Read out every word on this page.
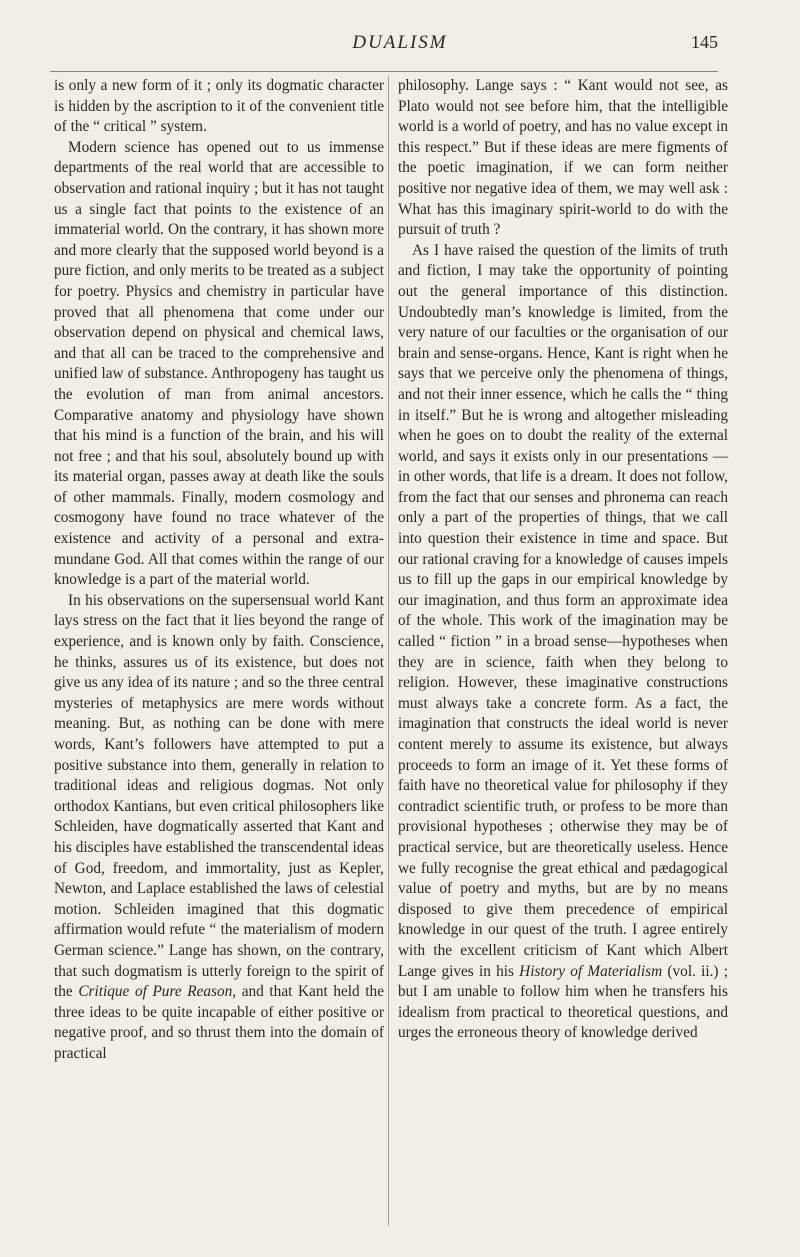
DUALISM	145

is only a new form of it ; only its dogmatic character is hidden by the ascription to it of the convenient title of the “ critical ” system.

Modern science has opened out to us immense departments of the real world that are accessible to observation and rational inquiry ; but it has not taught us a single fact that points to the existence of an immaterial world. On the contrary, it has shown more and more clearly that the supposed world beyond is a pure fiction, and only merits to be treated as a subject for poetry. Physics and chemistry in particular have proved that all phenomena that come under our observation depend on physical and chemical laws, and that all can be traced to the comprehensive and unified law of substance. Anthropogeny has taught us the evolution of man from animal ancestors. Comparative anatomy and physiology have shown that his mind is a function of the brain, and his will not free ; and that his soul, absolutely bound up with its material organ, passes away at death like the souls of other mammals. Finally, modern cosmology and cosmogony have found no trace whatever of the existence and activity of a personal and extra-mundane God. All that comes within the range of our knowledge is a part of the material world.

In his observations on the supersensual world Kant lays stress on the fact that it lies beyond the range of experience, and is known only by faith. Conscience, he thinks, assures us of its existence, but does not give us any idea of its nature ; and so the three central mysteries of metaphysics are mere words without meaning. But, as nothing can be done with mere words, Kant’s followers have attempted to put a positive substance into them, generally in relation to traditional ideas and religious dogmas. Not only orthodox Kantians, but even critical philosophers like Schleiden, have dogmatically asserted that Kant and his disciples have established the transcendental ideas of God, freedom, and immortality, just as Kepler, Newton, and Laplace established the laws of celestial motion. Schleiden imagined that this dogmatic affirmation would refute “ the materialism of modern German science.” Lange has shown, on the contrary, that such dogmatism is utterly foreign to the spirit of the Critique of Pure Reason, and that Kant held the three ideas to be quite incapable of either positive or negative proof, and so thrust them into the domain of practical

philosophy. Lange says : “ Kant would not see, as Plato would not see before him, that the intelligible world is a world of poetry, and has no value except in this respect.” But if these ideas are mere figments of the poetic imagination, if we can form neither positive nor negative idea of them, we may well ask : What has this imaginary spirit-world to do with the pursuit of truth ?

As I have raised the question of the limits of truth and fiction, I may take the opportunity of pointing out the general importance of this distinction. Undoubtedly man’s knowledge is limited, from the very nature of our faculties or the organisation of our brain and sense-organs. Hence, Kant is right when he says that we perceive only the phenomena of things, and not their inner essence, which he calls the “ thing in itself.” But he is wrong and altogether misleading when he goes on to doubt the reality of the external world, and says it exists only in our presentations —in other words, that life is a dream. It does not follow, from the fact that our senses and phronema can reach only a part of the properties of things, that we call into question their existence in time and space. But our rational craving for a knowledge of causes impels us to fill up the gaps in our empirical knowledge by our imagination, and thus form an approximate idea of the whole. This work of the imagination may be called “ fiction ” in a broad sense—hypotheses when they are in science, faith when they belong to religion. However, these imaginative constructions must always take a concrete form. As a fact, the imagination that constructs the ideal world is never content merely to assume its existence, but always proceeds to form an image of it. Yet these forms of faith have no theoretical value for philosophy if they contradict scientific truth, or profess to be more than provisional hypotheses ; otherwise they may be of practical service, but are theoretically useless. Hence we fully recognise the great ethical and pædagogical value of poetry and myths, but are by no means disposed to give them precedence of empirical knowledge in our quest of the truth. I agree entirely with the excellent criticism of Kant which Albert Lange gives in his History of Materialism (vol. ii.) ; but I am unable to follow him when he transfers his idealism from practical to theoretical questions, and urges the erroneous theory of knowledge derived
